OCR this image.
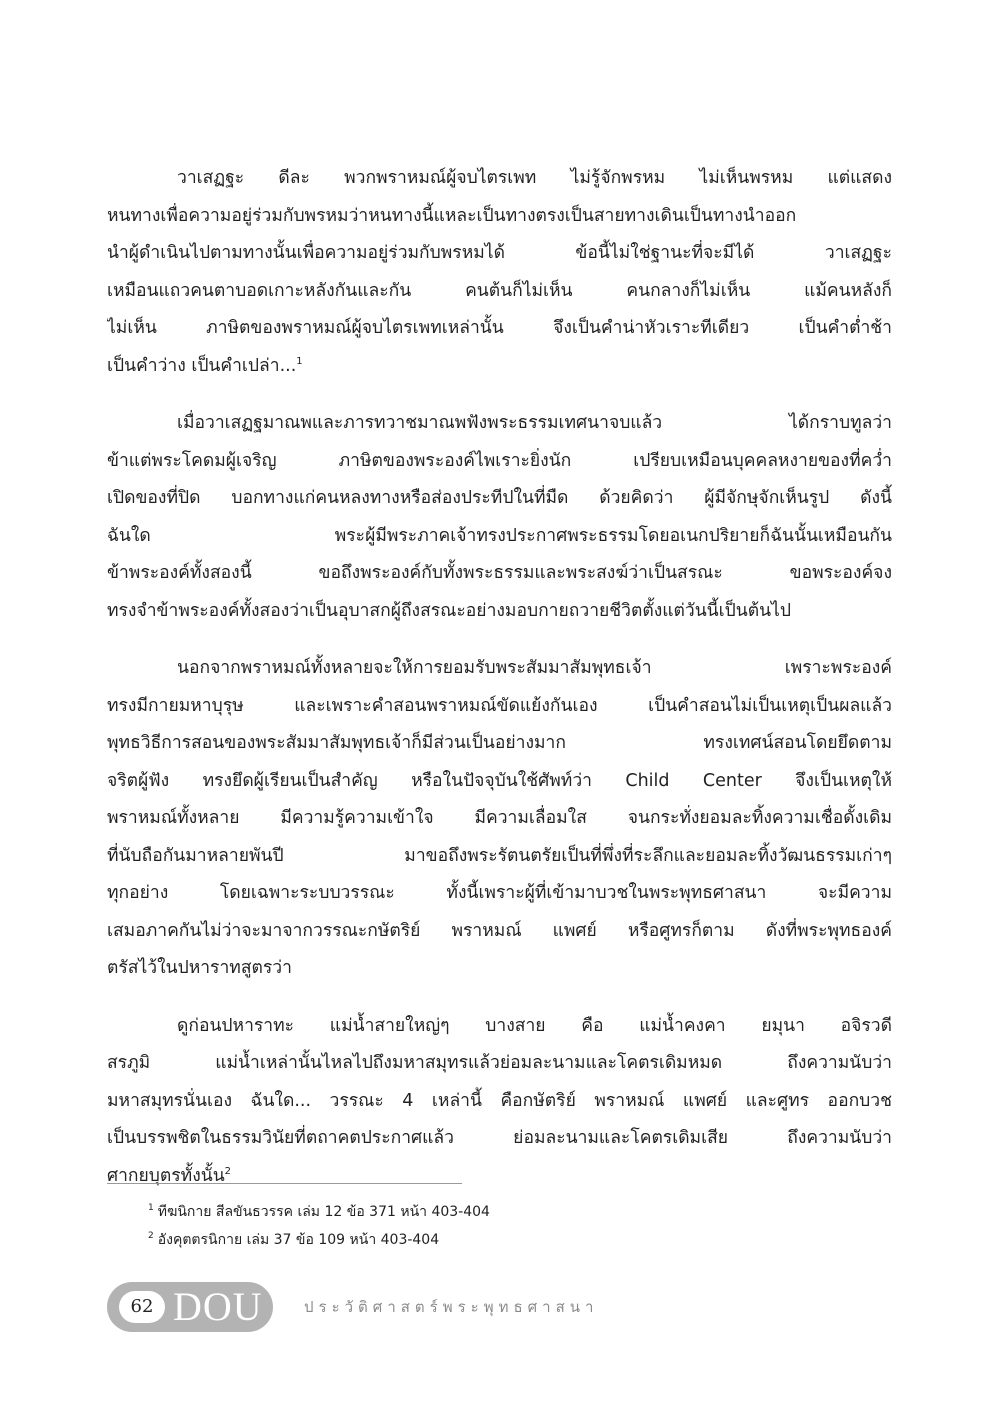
วาเสฏฐะ ดีละ พวกพราหมณ์ผู้จบไตรเพท ไม่รู้จักพรหม ไม่เห็นพรหม แต่แสดง
หนทางเพื่อความอยู่ร่วมกับพรหมว่าหนทางนี้แหละเป็นทางตรงเป็นสายทางเดินเป็นทางนำออก
นำผู้ดำเนินไปตามทางนั้นเพื่อความอยู่ร่วมกับพรหมได้ ข้อนี้ไม่ใช่ฐานะที่จะมีได้ วาเสฏฐะ
เหมือนแถวคนตาบอดเกาะหลังกันและกัน คนต้นก็ไม่เห็น คนกลางก็ไม่เห็น แม้คนหลังก็
ไม่เห็น ภาษิตของพราหมณ์ผู้จบไตรเพทเหล่านั้น จึงเป็นคำน่าหัวเราะทีเดียว เป็นคำต่ำช้า
เป็นคำว่าง เป็นคำเปล่า...$^1$
เมื่อวาเสฏฐมาณพและภารทวาชมาณพฟังพระธรรมเทศนาจบแล้ว ได้กราบทูลว่า
ข้าแต่พระโคดมผู้เจริญ ภาษิตของพระองค์ไพเราะยิ่งนัก เปรียบเหมือนบุคคลหงายของที่คว่ำ
เปิดของที่ปิด บอกทางแก่คนหลงทางหรือส่องประทีปในที่มืด ด้วยคิดว่า ผู้มีจักษุจักเห็นรูป ดังนี้
ฉันใด พระผู้มีพระภาคเจ้าทรงประกาศพระธรรมโดยอเนกปริยายก็ฉันนั้นเหมือนกัน
ข้าพระองค์ทั้งสองนี้ ขอถึงพระองค์กับทั้งพระธรรมและพระสงฆ์ว่าเป็นสรณะ ขอพระองค์จง
ทรงจำข้าพระองค์ทั้งสองว่าเป็นอุบาสกผู้ถึงสรณะอย่างมอบกายถวายชีวิตตั้งแต่วันนี้เป็นต้นไป
นอกจากพราหมณ์ทั้งหลายจะให้การยอมรับพระสัมมาสัมพุทธเจ้า เพราะพระองค์
ทรงมีกายมหาบุรุษ และเพราะคำสอนพราหมณ์ขัดแย้งกันเอง เป็นคำสอนไม่เป็นเหตุเป็นผลแล้ว
พุทธวิธีการสอนของพระสัมมาสัมพุทธเจ้าก็มีส่วนเป็นอย่างมาก ทรงเทศน์สอนโดยยึดตาม
จริตผู้ฟัง ทรงยึดผู้เรียนเป็นสำคัญ หรือในปัจจุบันใช้ศัพท์ว่า Child Center จึงเป็นเหตุให้
พราหมณ์ทั้งหลาย มีความรู้ความเข้าใจ มีความเลื่อมใส จนกระทั่งยอมละทิ้งความเชื่อดั้งเดิม
ที่นับถือกันมาหลายพันปี มาขอถึงพระรัตนตรัยเป็นที่พึ่งที่ระลึกและยอมละทิ้งวัฒนธรรมเก่าๆ
ทุกอย่าง โดยเฉพาะระบบวรรณะ ทั้งนี้เพราะผู้ที่เข้ามาบวชในพระพุทธศาสนา จะมีความ
เสมอภาคกันไม่ว่าจะมาจากวรรณะกษัตริย์ พราหมณ์ แพศย์ หรือศูทรก็ตาม ดังที่พระพุทธองค์
ตรัสไว้ในปหาราทสูตรว่า
ดูก่อนปหาราทะ แม่น้ำสายใหญ่ๆ บางสาย คือ แม่น้ำคงคา ยมุนา อจิรวดี
สรภูมิ แม่น้ำเหล่านั้นไหลไปถึงมหาสมุทรแล้วย่อมละนามและโคตรเดิมหมด ถึงความนับว่า
มหาสมุทรนั่นเอง ฉันใด... วรรณะ 4 เหล่านี้ คือกษัตริย์ พราหมณ์ แพศย์ และศูทร ออกบวช
เป็นบรรพชิตในธรรมวินัยที่ตถาคตประกาศแล้ว ย่อมละนามและโคตรเดิมเสีย ถึงความนับว่า
ศากยบุตรทั้งนั้น$^2$
$^1$ ทีฆนิกาย สีลขันธวรรค เล่ม 12 ข้อ 371 หน้า 403-404
$^2$ อังคุตตรนิกาย เล่ม 37 ข้อ 109 หน้า 403-404
62 DOU	ประวัติศาสตร์พระพุทธศาสนา
